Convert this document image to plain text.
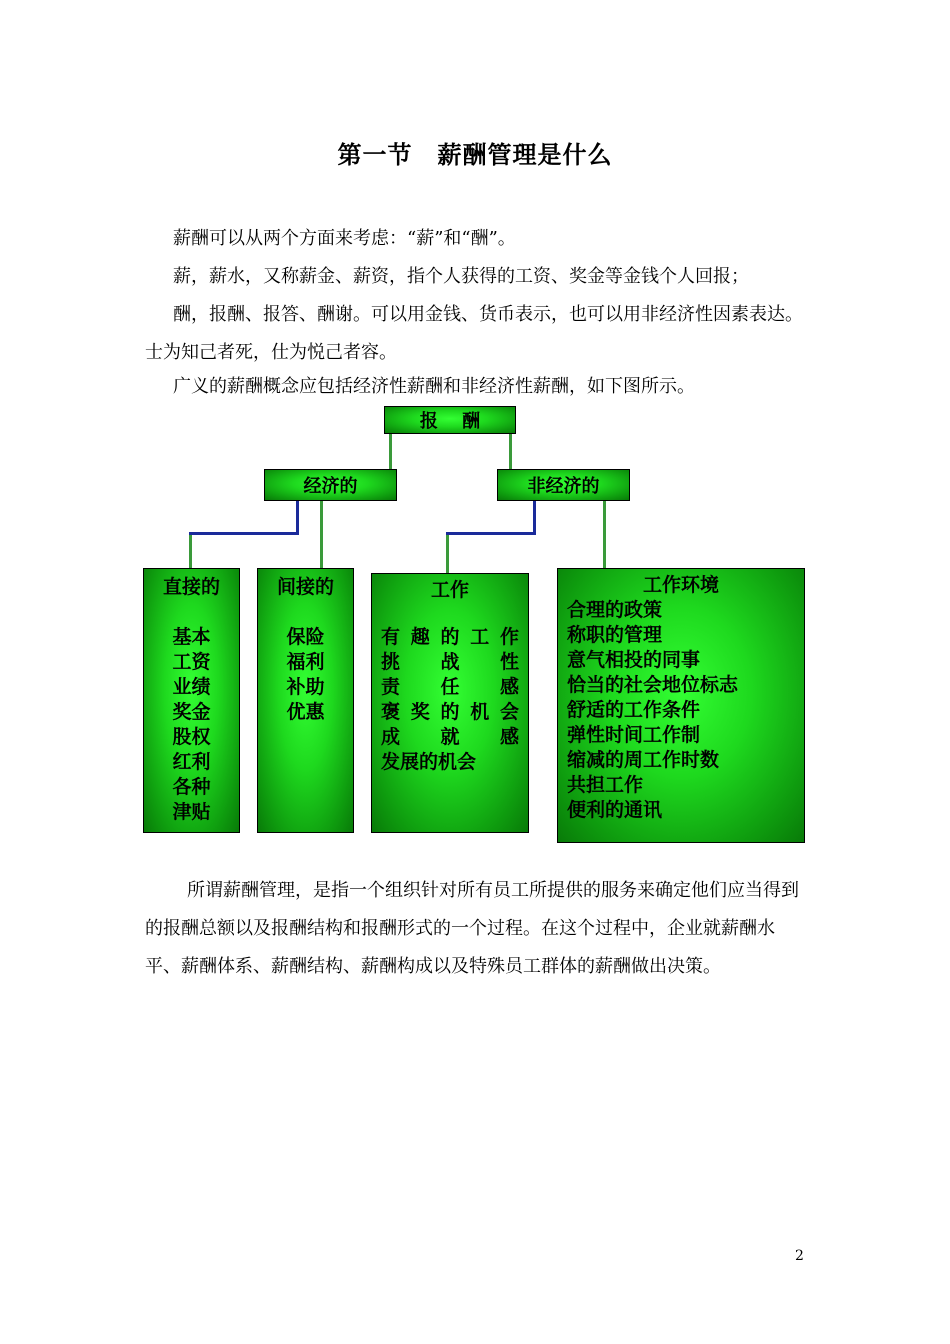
第一节　薪酬管理是什么
薪酬可以从两个方面来考虑：“薪”和“酬”。
薪，薪水，又称薪金、薪资，指个人获得的工资、奖金等金钱个人回报；
酬，报酬、报答、酬谢。可以用金钱、货币表示，也可以用非经济性因素表达。士为知己者死，仕为悦己者容。
广义的薪酬概念应包括经济性薪酬和非经济性薪酬，如下图所示。
报　 酬
经济的	非经济的
直接的
基本
工资
业绩
奖金
股权
红利
各种
津贴
间接的
保险
福利
补助
优惠
工作
有 趣 的 工 作
挑 战 性
责 任 感
褒 奖 的 机 会
成 就 感
发展的机会
工作环境
合理的政策
称职的管理
意气相投的同事
恰当的社会地位标志
舒适的工作条件
弹性时间工作制
缩减的周工作时数
共担工作
便利的通讯
所谓薪酬管理，是指一个组织针对所有员工所提供的服务来确定他们应当得到的报酬总额以及报酬结构和报酬形式的一个过程。在这个过程中，企业就薪酬水平、薪酬体系、薪酬结构、薪酬构成以及特殊员工群体的薪酬做出决策。
2
